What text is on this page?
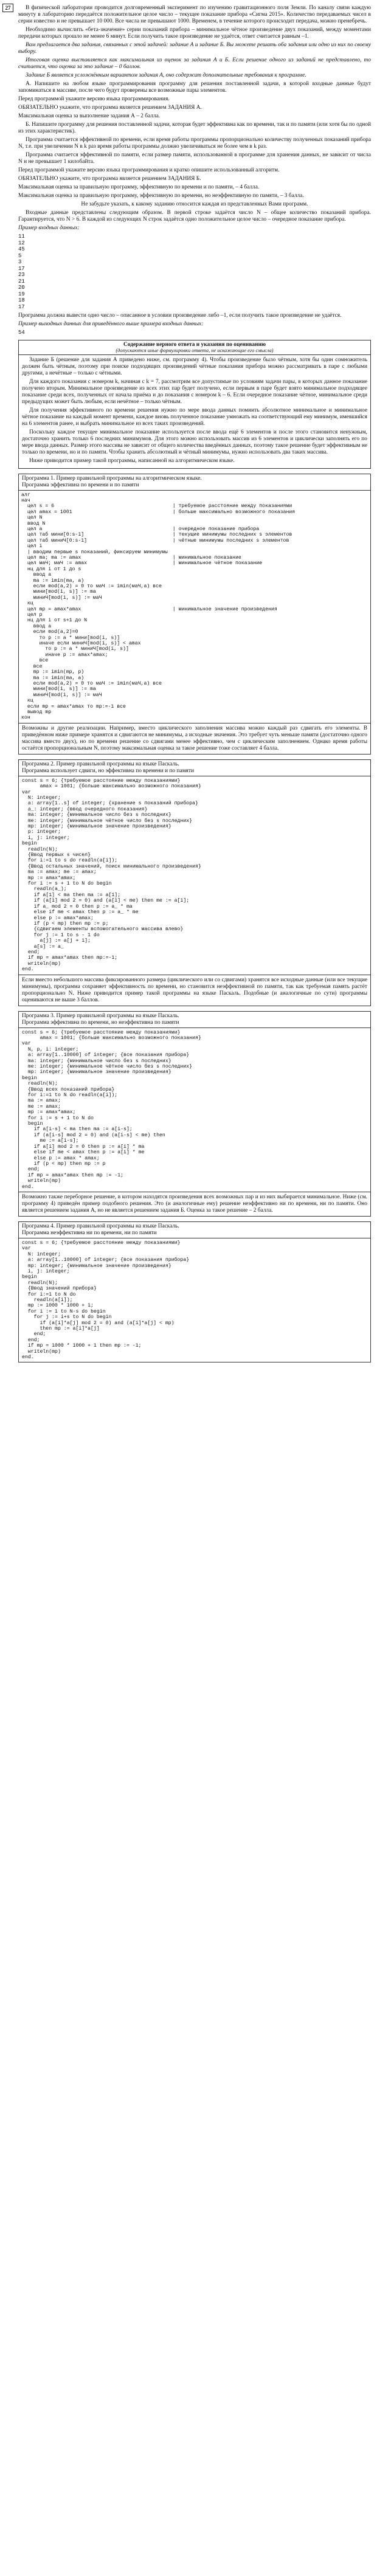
27	В физической лаборатории проводится долговременный эксперимент по изучению гравитационного поля Земли. По каналу связи каждую минуту в лабораторию передаётся положительное целое число – текущее показание прибора «Сигма 2015». Количество передаваемых чисел в серии известно и не превышает 10 000. Все числа не превышают 1000. Временем, в течение которого происходит передача, можно пренебречь.

Необходимо вычислить «бета-значение» серии показаний прибора – минимальное чётное произведение двух показаний, между моментами передачи которых прошло не менее 6 минут. Если получить такое произведение не удаётся, ответ считается равным –1.

Вам предлагается два задания, связанных с этой задачей: задание А и задание Б. Вы можете решать оба задания или одно из них по своему выбору.

Итоговая оценка выставляется как максимальная из оценок за задания А и Б. Если решение одного из заданий не представлено, то считается, что оценка за это задание – 0 баллов.

Задание Б является усложнённым вариантом задания А, оно содержит дополнительные требования к программе.

А. Напишите на любом языке программирования программу для решения поставленной задачи, в которой входные данные будут запоминаться в массиве, после чего будут проверены все возможные пары элементов.

Перед программой укажите версию языка программирования.

ОБЯЗАТЕЛЬНО укажите, что программа является решением ЗАДАНИЯ А.

Максимальная оценка за выполнение задания А – 2 балла.

Б. Напишите программу для решения поставленной задачи, которая будет эффективна как по времени, так и по памяти (или хотя бы по одной из этих характеристик).

Программа считается эффективной по времени, если время работы программы пропорционально количеству полученных показаний прибора N, т.е. при увеличении N в k раз время работы программы должно увеличиваться не более чем в k раз.

Программа считается эффективной по памяти, если размер памяти, использованной в программе для хранения данных, не зависит от числа N и не превышает 1 килобайта.

Перед программой укажите версию языка программирования и кратко опишите использованный алгоритм.

ОБЯЗАТЕЛЬНО укажите, что программа является решением ЗАДАНИЯ Б.

Максимальная оценка за правильную программу, эффективную по времени и по памяти, – 4 балла.

Максимальная оценка за правильную программу, эффективную по времени, но неэффективную по памяти, – 3 балла.

Не забудьте указать, к какому заданию относится каждая из представленных Вами программ.

Входные данные представлены следующим образом. В первой строке задаётся число N – общее количество показаний прибора. Гарантируется, что N > 6. В каждой из следующих N строк задаётся одно положительное целое число – очередное показание прибора.

Пример входных данных:

11
12
45
5
3
17
23
21
20
19
18
17

Программа должна вывести одно число – описанное в условии произведение либо –1, если получить такое произведение не удаётся.

Пример выходных данных для приведённого выше примера входных данных:

54
Содержание верного ответа и указания по оцениванию
(допускаются иные формулировки ответа, не искажающие его смысла)

Задание Б (решение для задания А приведено ниже, см. программу 4). Чтобы произведение было чётным, хотя бы один сомножитель должен быть чётным, поэтому при поиске подходящих произведений чётные показания прибора можно рассматривать в паре с любыми другими, а нечётные – только с чётными.

Для каждого показания с номером k, начиная с k = 7, рассмотрим все допустимые по условиям задачи пары, в которых данное показание получено вторым. Минимальное произведение из всех этих пар будет получено, если первым в паре будет взято минимальное подходящее показание среди всех, полученных от начала приёма и до показания с номером k – 6. Если очередное показание чётное, минимальное среди предыдущих может быть любым, если нечётное – только чётным.

Для получения эффективного по времени решения нужно по мере ввода данных помнить абсолютное минимальное и минимальное чётное показание на каждый момент времени, каждое вновь полученное показание умножать на соответствующий ему минимум, имевшийся на 6 элементов ранее, и выбрать минимальное из всех таких произведений.

Поскольку каждое текущее минимальное показание используется после ввода ещё 6 элементов и после этого становится ненужным, достаточно хранить только 6 последних минимумов. Для этого можно использовать массив из 6 элементов и циклически заполнять его по мере ввода данных. Размер этого массива не зависит от общего количества введённых данных, поэтому такое решение будет эффективным не только по времени, но и по памяти. Чтобы хранить абсолютный и чётный минимумы, нужно использовать два таких массива.

Ниже приводится пример такой программы, написанной на алгоритмическом языке.

Программа 1. Пример правильной программы на алгоритмическом языке.
Программа эффективна по времени и по памяти
алг	
нач	
цел s = 6	| требуемое расстояние между показаниями
цел amax = 1001	| больше максимально возможного показания
цел N	
ввод N	
цел a	| очередное показание прибора
цел таб мини[0:s-1]	| текущие минимумы последних s элементов
цел таб миниЧ[0:s-1]	| чётные минимумы последних s элементов
цел i	
| вводим первые s показаний, фиксируем минимумы	
цел ma; ma := amax	| минимальное показание
цел маЧ; маЧ := amax	| минимальное чётное показание
нц для i от 1 до s	
ввод a	
ma := imin(ma, a)	
если mod(a,2) = 0 то маЧ := imin(маЧ,a) все	
мини[mod(i, s)] := ma	
миниЧ[mod(i, s)] := маЧ	
кц	
цел mp = amax*amax	| минимальное значение произведения
цел p	
нц для i от s+1 до N	
ввод a	
если mod(a,2)=0	
то p := a * мини[mod(i, s)]	
иначе если миниЧ[mod(i, s)] < amax	
то p := a * миниЧ[mod(i, s)]	
иначе p := amax*amax;	
все	
все	
mp := imin(mp, p)	
ma := imin(ma, a)	
если mod(a,2) = 0 то маЧ := imin(маЧ,a) все	
мини[mod(i, s)] := ma	
миниЧ[mod(i, s)] := маЧ	
кц	
если mp = amax*amax то mp:=-1 все	
вывод mp	
кон	
Возможны и другие реализации. Например, вместо циклического заполнения массива можно каждый раз сдвигать его элементы. В приведённом ниже примере хранятся и сдвигаются не минимумы, а исходные значения. Это требует чуть меньше памяти (достаточно одного массива вместо двух), но по времени решение со сдвигами менее эффективно, чем с циклическим заполнением. Однако время работы остаётся пропорциональным N, поэтому максимальная оценка за такое решение тоже составляет 4 балла.
Программа 2. Пример правильной программы на языке Паскаль.
Программа использует сдвиги, но эффективна по времени и по памяти
const s = 6; {требуемое расстояние между показаниями}
amax = 1001; {больше максимально возможного показания}
var
N: integer;
a: array[1..s] of integer; {хранение s показаний прибора}
a_: integer; {ввод очередного показания}
ma: integer; {минимальное число без s последних}
mе: integer; {минимальное чётное число без s последних}
mp: integer; {минимальное значение произведения}
p: integer;
i, j: integer;
begin
readln(N);
{Ввод первых s чисел}
for i:=1 to s do readln(a[i]);
{Ввод остальных значений, поиск минимального произведения}
ma := amax; mе := amax;
mp := amax*amax;
for i := s + 1 to N do begin
readln(a_);
if a[1] < ma then ma := a[1];
if (a[1] mod 2 = 0) and (a[1] < mе) then mе := a[1];
if a_ mod 2 = 0 then p := a_ * ma
else if mе < amax then p := a_ * mе
else p := amax*amax;
if (p < mp) then mp := p;
{сдвигаем элементы вспомогательного массива влево}
for j := 1 to s - 1 do
a[j] := a[j + 1];
a[s] := a_
end;
if mp = amax*amax then mp:=-1;
writeln(mp)
end.
Если вместо небольшого массива фиксированного размера (циклического или со сдвигами) хранятся все исходные данные (или все текущие минимумы), программа сохраняет эффективность по времени, но становится неэффективной по памяти, так как требуемая память растёт пропорционально N. Ниже приводится пример такой программы на языке Паскаль. Подобные (и аналогичные по сути) программы оцениваются не выше 3 баллов.
Программа 3. Пример правильной программы на языке Паскаль.
Программа эффективна по времени, но неэффективна по памяти
const s = 6; {требуемое расстояние между показаниями}
amax = 1001; {больше максимально возможного показания}
var
N, p, i: integer;
a: array[1..10000] of integer; {все показания прибора}
ma: integer; {минимальное число без s последних}
mе: integer; {минимальное чётное число без s последних}
mp: integer; {минимальное значение произведения}
begin
readln(N);
{Ввод всех показаний прибора}
for i:=1 to N do readln(a[i]);
ma := amax;
mе := amax;
mp := amax*amax;
for i := s + 1 to N do
begin
if a[i-s] < ma then ma := a[i-s];
if (a[i-s] mod 2 = 0) and (a[i-s] < mе) then
mе := a[i-s];
if a[i] mod 2 = 0 then p := a[i] * ma
else if mе < amax then p := a[i] * mе
else p := amax * amax;
if (p < mp) then mp := p
end;
if mp = amax*amax then mp := -1;
writeln(mp)
end.
Возможно также переборное решение, в котором находятся произведения всех возможных пар и из них выбирается минимальное. Ниже (см. программу 4) приведён пример подобного решения. Это (и аналогичные ему) решение неэффективно ни по времени, ни по памяти. Оно является решением задания А, но не является решением задания Б. Оценка за такое решение – 2 балла.
Программа 4. Пример правильной программы на языке Паскаль.
Программа неэффективна ни по времени, ни по памяти
const s = 6; {требуемое расстояние между показаниями}
var
N: integer;
a: array[1..10000] of integer; {все показания прибора}
mp: integer; {минимальное значение произведения}
i, j: integer;
begin
readln(N);
{Ввод значений прибора}
for i:=1 to N do
readln(a[i]);
mp := 1000 * 1000 + 1;
for i := 1 to N-s do begin
for j := i+s to N do begin
if (a[i]*a[j] mod 2 = 0) and (a[i]*a[j] < mp)
then mp := a[i]*a[j]
end;
end;
if mp = 1000 * 1000 + 1 then mp := -1;
writeln(mp)
end.
